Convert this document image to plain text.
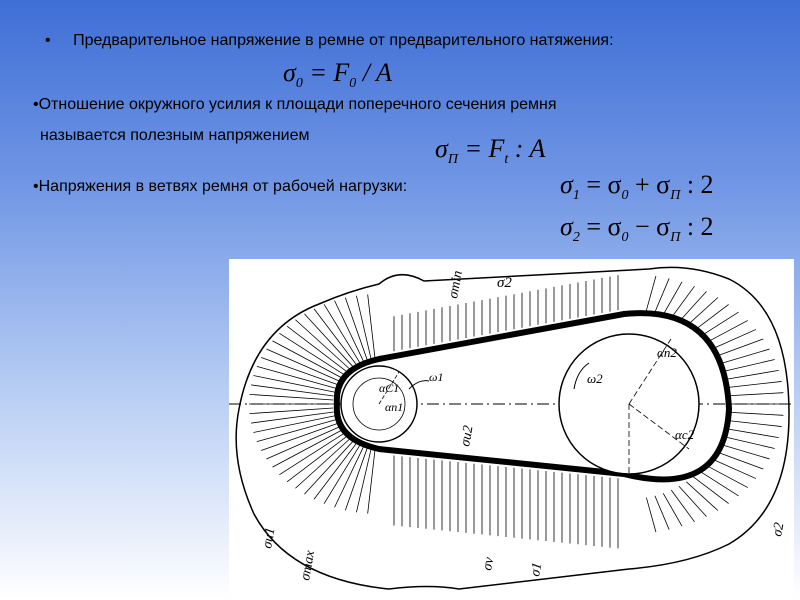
• Предварительное напряжение в ремне от предварительного натяжения:
$\sigma_0 = F_0 / A$
•Отношение окружного усилия к площади поперечного сечения ремня
называется полезным напряжением	$\sigma_П = F_t$ : A
•Напряжения в ветвях ремня от рабочей нагрузки:	$\sigma_1 = \sigma_0 + \sigma_П$ : 2
$\sigma_2 = \sigma_0 - \sigma_П$ : 2
σmin σ2
αп2
αC1
αп1
ω1	ω2
σu2	αc2
σ2
σu1
σmax	σv σ1
